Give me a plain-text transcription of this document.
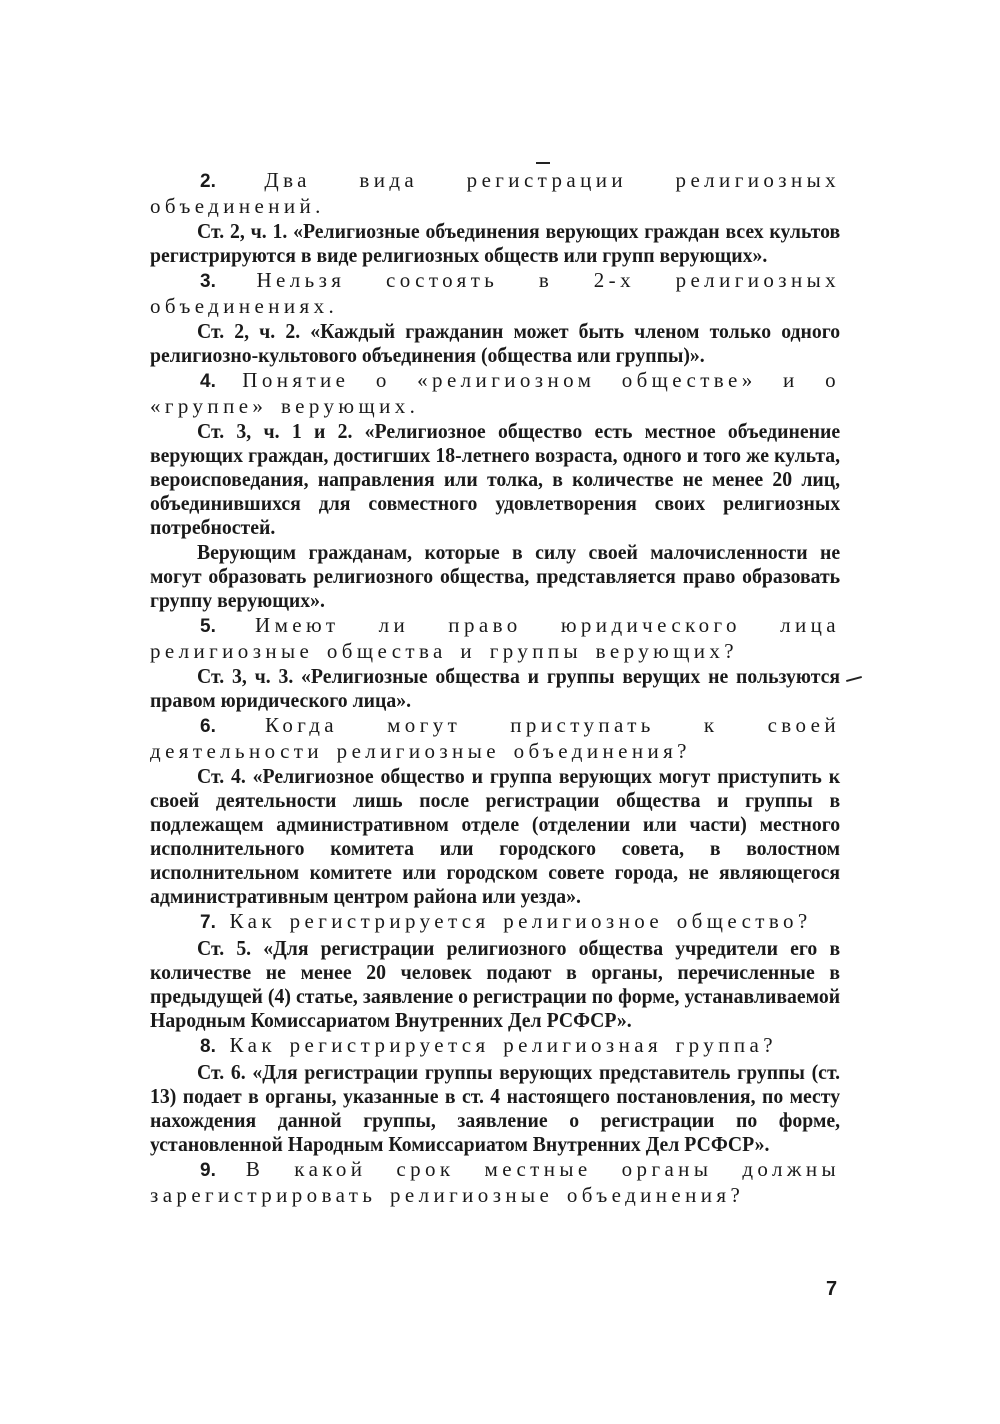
2. Два вида регистрации религиозных объединений.

Ст. 2, ч. 1. «Религиозные объединения верующих граждан всех культов регистрируются в виде религиозных обществ или групп верующих».

3. Нельзя состоять в 2-х религиозных объединениях.

Ст. 2, ч. 2. «Каждый гражданин может быть членом только одного религиозно-культового объединения (общества или группы)».

4. Понятие о «религиозном обществе» и о «группе» верующих.

Ст. 3, ч. 1 и 2. «Религиозное общество есть местное объединение верующих граждан, достигших 18-летнего возраста, одного и того же культа, вероисповедания, направления или толка, в количестве не менее 20 лиц, объединившихся для совместного удовлетворения своих религиозных потребностей.

Верующим гражданам, которые в силу своей малочисленности не могут образовать религиозного общества, представляется право образовать группу верующих».

5. Имеют ли право юридического лица религиозные общества и группы верующих?

Ст. 3, ч. 3. «Религиозные общества и группы верущих не пользуются правом юридического лица».

6. Когда могут приступать к своей деятельности религиозные объединения?

Ст. 4. «Религиозное общество и группа верующих могут приступить к своей деятельности лишь после регистрации общества и группы в подлежащем административном отделе (отделении или части) местного исполнительного комитета или городского совета, в волостном исполнительном комитете или городском совете города, не являющегося административным центром района или уезда».

7. Как регистрируется религиозное общество?

Ст. 5. «Для регистрации религиозного общества учредители его в количестве не менее 20 человек подают в органы, перечисленные в предыдущей (4) статье, заявление о регистрации по форме, устанавливаемой Народным Комиссариатом Внутренних Дел РСФСР».

8. Как регистрируется религиозная группа?

Ст. 6. «Для регистрации группы верующих представитель группы (ст. 13) подает в органы, указанные в ст. 4 настоящего постановления, по месту нахождения данной группы, заявление о регистрации по форме, установленной Народным Комиссариатом Внутренних Дел РСФСР».

9. В какой срок местные органы должны зарегистрировать религиозные объединения?

7
